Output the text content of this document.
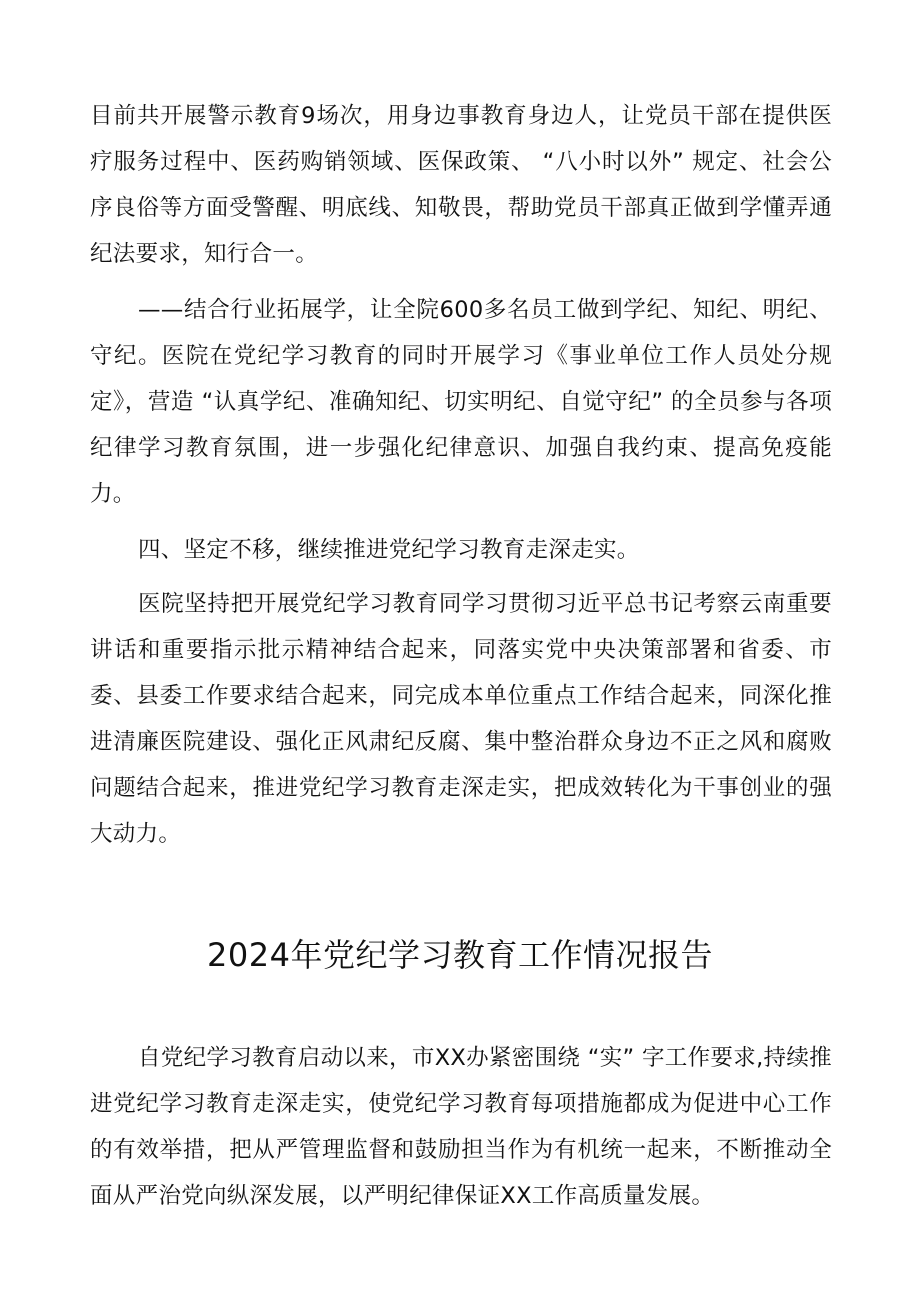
目前共开展警示教育9场次，用身边事教育身边人，让党员干部在提供医疗服务过程中、医药购销领域、医保政策、 “八小时以外” 规定、社会公序良俗等方面受警醒、明底线、知敬畏，帮助党员干部真正做到学懂弄通纪法要求，知行合一。

——结合行业拓展学，让全院600多名员工做到学纪、知纪、明纪、守纪。医院在党纪学习教育的同时开展学习《事业单位工作人员处分规定》，营造 “认真学纪、准确知纪、切实明纪、自觉守纪” 的全员参与各项纪律学习教育氛围，进一步强化纪律意识、加强自我约束、提高免疫能力。

四、坚定不移，继续推进党纪学习教育走深走实。

医院坚持把开展党纪学习教育同学习贯彻习近平总书记考察云南重要讲话和重要指示批示精神结合起来，同落实党中央决策部署和省委、市委、县委工作要求结合起来，同完成本单位重点工作结合起来，同深化推进清廉医院建设、强化正风肃纪反腐、集中整治群众身边不正之风和腐败问题结合起来，推进党纪学习教育走深走实，把成效转化为干事创业的强大动力。

2024年党纪学习教育工作情况报告

自党纪学习教育启动以来，市XX办紧密围绕 “实” 字工作要求,持续推进党纪学习教育走深走实，使党纪学习教育每项措施都成为促进中心工作的有效举措，把从严管理监督和鼓励担当作为有机统一起来，不断推动全面从严治党向纵深发展，以严明纪律保证XX工作高质量发展。
